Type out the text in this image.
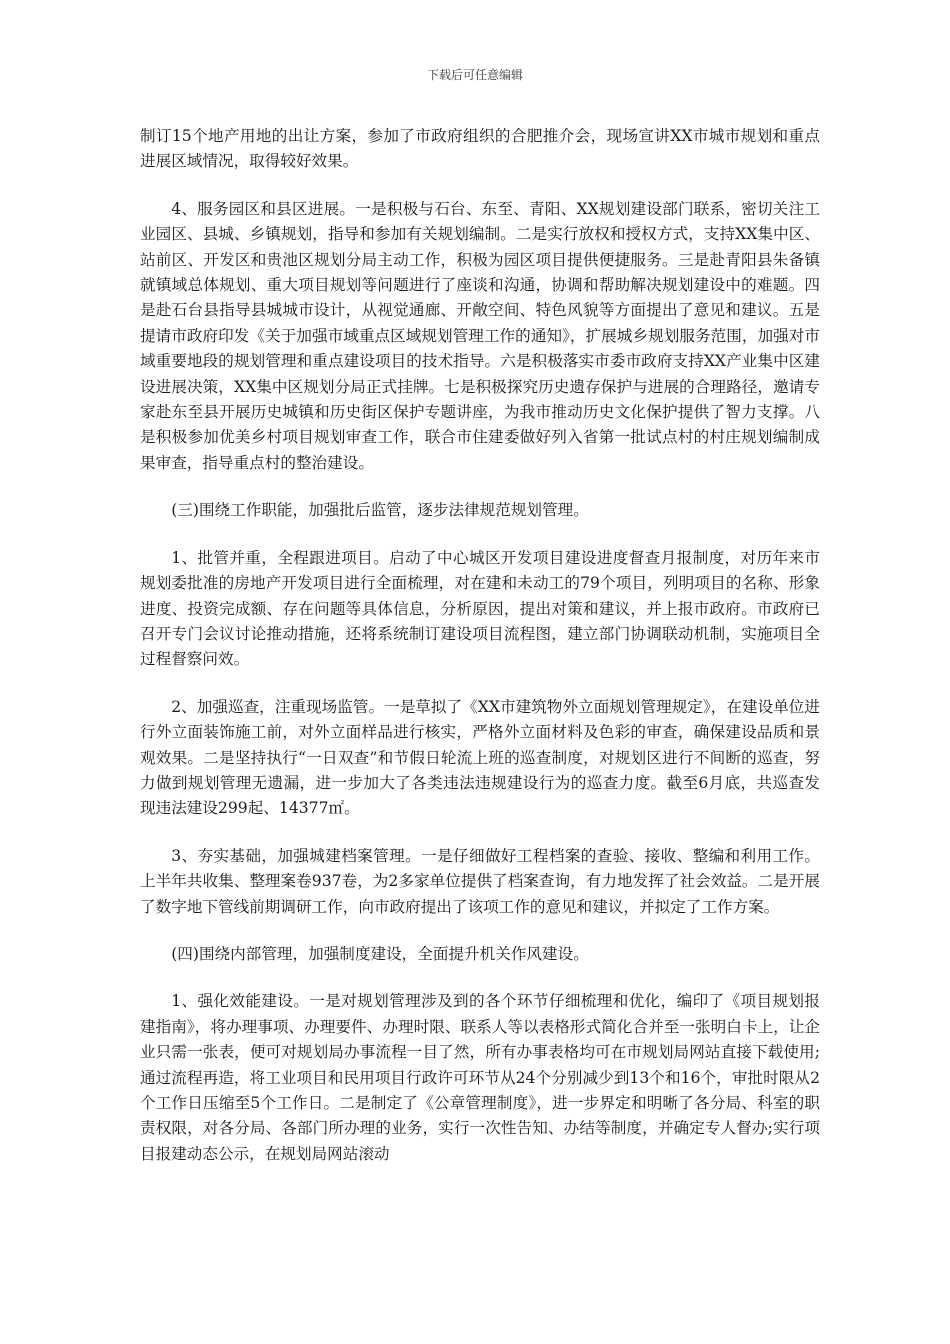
下载后可任意编辑

制订15个地产用地的出让方案，参加了市政府组织的合肥推介会，现场宣讲XX市城市规划和重点进展区域情况，取得较好效果。

4、服务园区和县区进展。一是积极与石台、东至、青阳、XX规划建设部门联系，密切关注工业园区、县城、乡镇规划，指导和参加有关规划编制。二是实行放权和授权方式，支持XX集中区、站前区、开发区和贵池区规划分局主动工作，积极为园区项目提供便捷服务。三是赴青阳县朱备镇就镇域总体规划、重大项目规划等问题进行了座谈和沟通，协调和帮助解决规划建设中的难题。四是赴石台县指导县城城市设计，从视觉通廊、开敞空间、特色风貌等方面提出了意见和建议。五是提请市政府印发《关于加强市域重点区域规划管理工作的通知》，扩展城乡规划服务范围，加强对市域重要地段的规划管理和重点建设项目的技术指导。六是积极落实市委市政府支持XX产业集中区建设进展决策，XX集中区规划分局正式挂牌。七是积极探究历史遗存保护与进展的合理路径，邀请专家赴东至县开展历史城镇和历史街区保护专题讲座，为我市推动历史文化保护提供了智力支撑。八是积极参加优美乡村项目规划审查工作，联合市住建委做好列入省第一批试点村的村庄规划编制成果审查，指导重点村的整治建设。

(三)围绕工作职能，加强批后监管，逐步法律规范规划管理。

1、批管并重，全程跟进项目。启动了中心城区开发项目建设进度督查月报制度，对历年来市规划委批准的房地产开发项目进行全面梳理，对在建和未动工的79个项目，列明项目的名称、形象进度、投资完成额、存在问题等具体信息，分析原因，提出对策和建议，并上报市政府。市政府已召开专门会议讨论推动措施，还将系统制订建设项目流程图，建立部门协调联动机制，实施项目全过程督察问效。

2、加强巡查，注重现场监管。一是草拟了《XX市建筑物外立面规划管理规定》，在建设单位进行外立面装饰施工前，对外立面样品进行核实，严格外立面材料及色彩的审查，确保建设品质和景观效果。二是坚持执行“一日双查”和节假日轮流上班的巡查制度，对规划区进行不间断的巡查，努力做到规划管理无遗漏，进一步加大了各类违法违规建设行为的巡查力度。截至6月底，共巡查发现违法建设299起、14377㎡。

3、夯实基础，加强城建档案管理。一是仔细做好工程档案的查验、接收、整编和利用工作。上半年共收集、整理案卷937卷，为2多家单位提供了档案查询，有力地发挥了社会效益。二是开展了数字地下管线前期调研工作，向市政府提出了该项工作的意见和建议，并拟定了工作方案。

(四)围绕内部管理，加强制度建设，全面提升机关作风建设。

1、强化效能建设。一是对规划管理涉及到的各个环节仔细梳理和优化，编印了《项目规划报建指南》，将办理事项、办理要件、办理时限、联系人等以表格形式简化合并至一张明白卡上，让企业只需一张表，便可对规划局办事流程一目了然，所有办事表格均可在市规划局网站直接下载使用;通过流程再造，将工业项目和民用项目行政许可环节从24个分别减少到13个和16个，审批时限从2个工作日压缩至5个工作日。二是制定了《公章管理制度》，进一步界定和明晰了各分局、科室的职责权限，对各分局、各部门所办理的业务，实行一次性告知、办结等制度，并确定专人督办;实行项目报建动态公示，在规划局网站滚动
